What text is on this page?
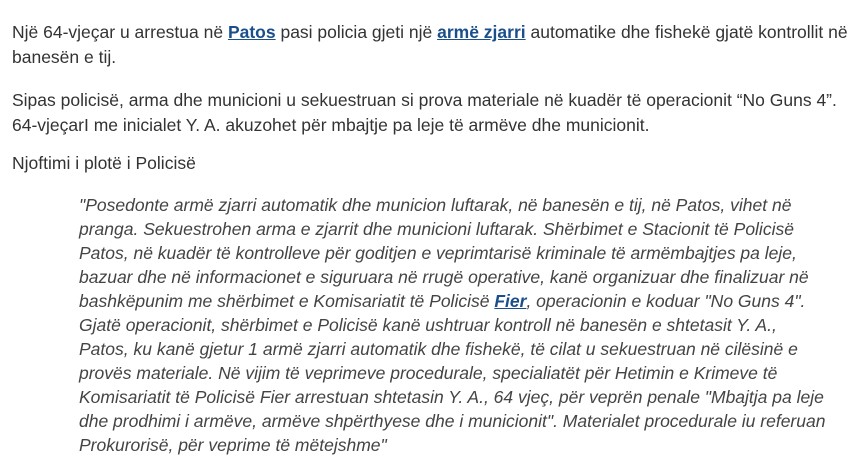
Një 64-vjeçar u arrestua në Patos pasi policia gjeti një armë zjarri automatike dhe fishekë gjatë kontrollit në
banesën e tij.

Sipas policisë, arma dhe municioni u sekuestruan si prova materiale në kuadër të operacionit “No Guns 4”.
64-vjeçarI me inicialet Y. A. akuzohet për mbajtje pa leje të armëve dhe municionit.

Njoftimi i plotë i Policisë

"Posedonte armë zjarri automatik dhe municion luftarak, në banesën e tij, në Patos, vihet në
pranga. Sekuestrohen arma e zjarrit dhe municioni luftarak. Shërbimet e Stacionit të Policisë
Patos, në kuadër të kontrolleve për goditjen e veprimtarisë kriminale të armëmbajtjes pa leje,
bazuar dhe në informacionet e siguruara në rrugë operative, kanë organizuar dhe finalizuar në
bashkëpunim me shërbimet e Komisariatit të Policisë Fier, operacionin e koduar "No Guns 4".
Gjatë operacionit, shërbimet e Policisë kanë ushtruar kontroll në banesën e shtetasit Y. A.,
Patos, ku kanë gjetur 1 armë zjarri automatik dhe fishekë, të cilat u sekuestruan në cilësinë e
provës materiale. Në vijim të veprimeve procedurale, specialiatët për Hetimin e Krimeve të
Komisariatit të Policisë Fier arrestuan shtetasin Y. A., 64 vjeç, për veprën penale "Mbajtja pa leje
dhe prodhimi i armëve, armëve shpërthyese dhe i municionit". Materialet procedurale iu referuan
Prokurorisë, për veprime të mëtejshme"
